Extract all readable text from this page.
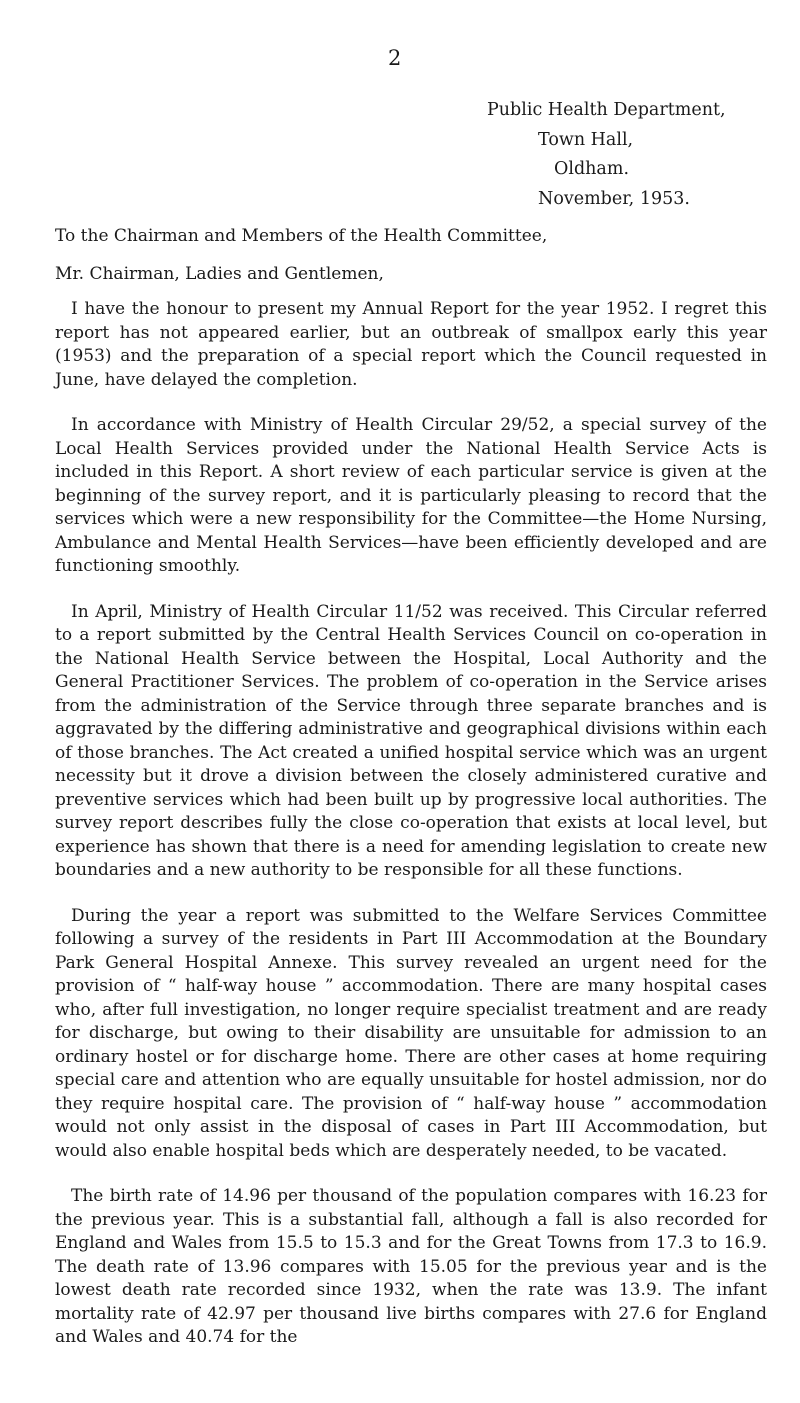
2
Public Health Department,
Town Hall,
Oldham.
November, 1953.

To the Chairman and Members of the Health Committee,

Mr. Chairman, Ladies and Gentlemen,

I have the honour to present my Annual Report for the year 1952. I regret this report has not appeared earlier, but an outbreak of smallpox early this year (1953) and the preparation of a special report which the Council requested in June, have delayed the completion.

In accordance with Ministry of Health Circular 29/52, a special survey of the Local Health Services provided under the National Health Service Acts is included in this Report. A short review of each particular service is given at the beginning of the survey report, and it is particularly pleasing to record that the services which were a new responsibility for the Committee—the Home Nursing, Ambulance and Mental Health Services—have been efficiently developed and are functioning smoothly.

In April, Ministry of Health Circular 11/52 was received. This Circular referred to a report submitted by the Central Health Services Council on co-operation in the National Health Service between the Hospital, Local Authority and the General Practitioner Services. The problem of co-operation in the Service arises from the administration of the Service through three separate branches and is aggravated by the differing administrative and geographical divisions within each of those branches. The Act created a unified hospital service which was an urgent necessity but it drove a division between the closely administered curative and preventive services which had been built up by progressive local authorities. The survey report describes fully the close co-operation that exists at local level, but experience has shown that there is a need for amending legislation to create new boundaries and a new authority to be responsible for all these functions.

During the year a report was submitted to the Welfare Services Committee following a survey of the residents in Part III Accommodation at the Boundary Park General Hospital Annexe. This survey revealed an urgent need for the provision of “ half-way house ” accommodation. There are many hospital cases who, after full investigation, no longer require specialist treatment and are ready for discharge, but owing to their disability are unsuitable for admission to an ordinary hostel or for discharge home. There are other cases at home requiring special care and attention who are equally unsuitable for hostel admission, nor do they require hospital care. The provision of “ half-way house ” accommodation would not only assist in the disposal of cases in Part III Accommodation, but would also enable hospital beds which are desperately needed, to be vacated.

The birth rate of 14.96 per thousand of the population compares with 16.23 for the previous year. This is a substantial fall, although a fall is also recorded for England and Wales from 15.5 to 15.3 and for the Great Towns from 17.3 to 16.9. The death rate of 13.96 compares with 15.05 for the previous year and is the lowest death rate recorded since 1932, when the rate was 13.9. The infant mortality rate of 42.97 per thousand live births compares with 27.6 for England and Wales and 40.74 for the
